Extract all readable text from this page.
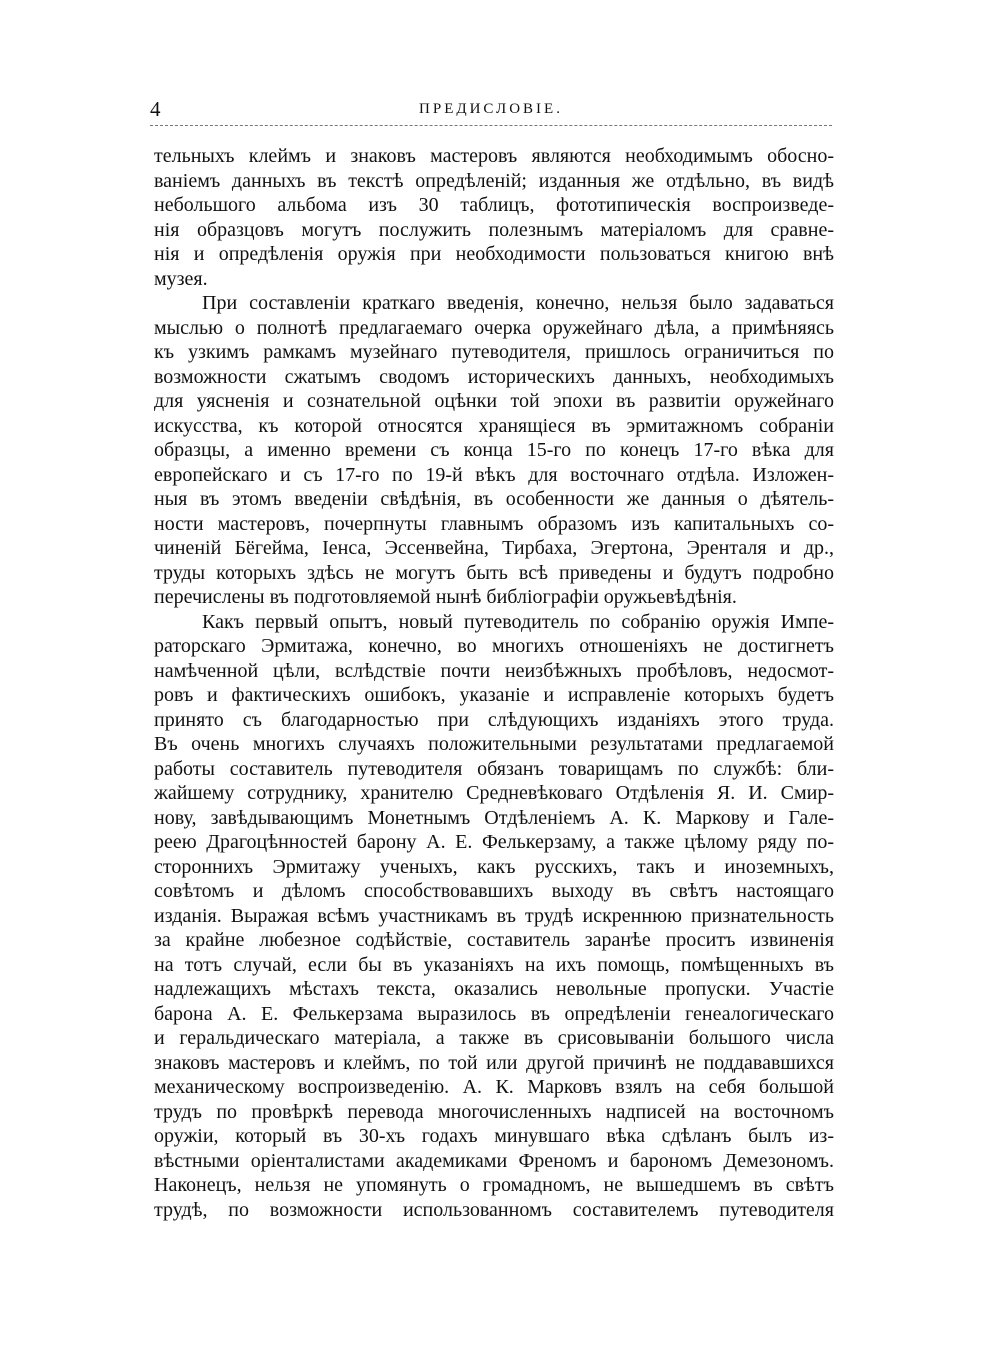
4	ПРЕДИСЛОВІЕ.
тельныхъ клеймъ и знаковъ мастеровъ являются необходимымъ обосно-
ваніемъ данныхъ въ текстѣ опредѣленій; изданныя же отдѣльно, въ видѣ
небольшого альбома изъ 30 таблицъ, фототипическія воспроизведе-
нія образцовъ могутъ послужить полезнымъ матеріаломъ для сравне-
нія и опредѣленія оружія при необходимости пользоваться книгою внѣ
музея.
При составленіи краткаго введенія, конечно, нельзя было задаваться
мыслью о полнотѣ предлагаемаго очерка оружейнаго дѣла, а примѣняясь
къ узкимъ рамкамъ музейнаго путеводителя, пришлось ограничиться по
возможности сжатымъ сводомъ историческихъ данныхъ, необходимыхъ
для уясненія и сознательной оцѣнки той эпохи въ развитіи оружейнаго
искусства, къ которой относятся хранящіеся въ эрмитажномъ собраніи
образцы, а именно времени съ конца 15-го по конецъ 17-го вѣка для
европейскаго и съ 17-го по 19-й вѣкъ для восточнаго отдѣла. Изложен-
ныя въ этомъ введеніи свѣдѣнія, въ особенности же данныя о дѣятель-
ности мастеровъ, почерпнуты главнымъ образомъ изъ капитальныхъ со-
чиненій Бёгейма, Іенса, Эссенвейна, Тирбаха, Эгертона, Эренталя и др.,
труды которыхъ здѣсь не могутъ быть всѣ приведены и будутъ подробно
перечислены въ подготовляемой нынѣ библіографіи оружьевѣдѣнія.
Какъ первый опытъ, новый путеводитель по собранію оружія Импе-
раторскаго Эрмитажа, конечно, во многихъ отношеніяхъ не достигнетъ
намѣченной цѣли, вслѣдствіе почти неизбѣжныхъ пробѣловъ, недосмот-
ровъ и фактическихъ ошибокъ, указаніе и исправленіе которыхъ будетъ
принято съ благодарностью при слѣдующихъ изданіяхъ этого труда.
Въ очень многихъ случаяхъ положительными результатами предлагаемой
работы составитель путеводителя обязанъ товарищамъ по службѣ: бли-
жайшему сотруднику, хранителю Средневѣковаго Отдѣленія Я. И. Смир-
нову, завѣдывающимъ Монетнымъ Отдѣленіемъ А. К. Маркову и Гале-
реею Драгоцѣнностей барону А. Е. Фелькерзаму, а также цѣлому ряду по-
стороннихъ Эрмитажу ученыхъ, какъ русскихъ, такъ и иноземныхъ,
совѣтомъ и дѣломъ способствовавшихъ выходу въ свѣтъ настоящаго
изданія. Выражая всѣмъ участникамъ въ трудѣ искреннюю признательность
за крайне любезное содѣйствіе, составитель заранѣе проситъ извиненія
на тотъ случай, если бы въ указаніяхъ на ихъ помощь, помѣщенныхъ въ
надлежащихъ мѣстахъ текста, оказались невольные пропуски. Участіе
барона А. Е. Фелькерзама выразилось въ опредѣленіи генеалогическаго
и геральдическаго матеріала, а также въ срисовываніи большого числа
знаковъ мастеровъ и клеймъ, по той или другой причинѣ не поддававшихся
механическому воспроизведенію. А. К. Марковъ взялъ на себя большой
трудъ по провѣркѣ перевода многочисленныхъ надписей на восточномъ
оружіи, который въ 30-хъ годахъ минувшаго вѣка сдѣланъ былъ из-
вѣстными оріенталистами академиками Френомъ и барономъ Демезономъ.
Наконецъ, нельзя не упомянуть о громадномъ, не вышедшемъ въ свѣтъ
трудѣ, по возможности использованномъ составителемъ путеводителя
